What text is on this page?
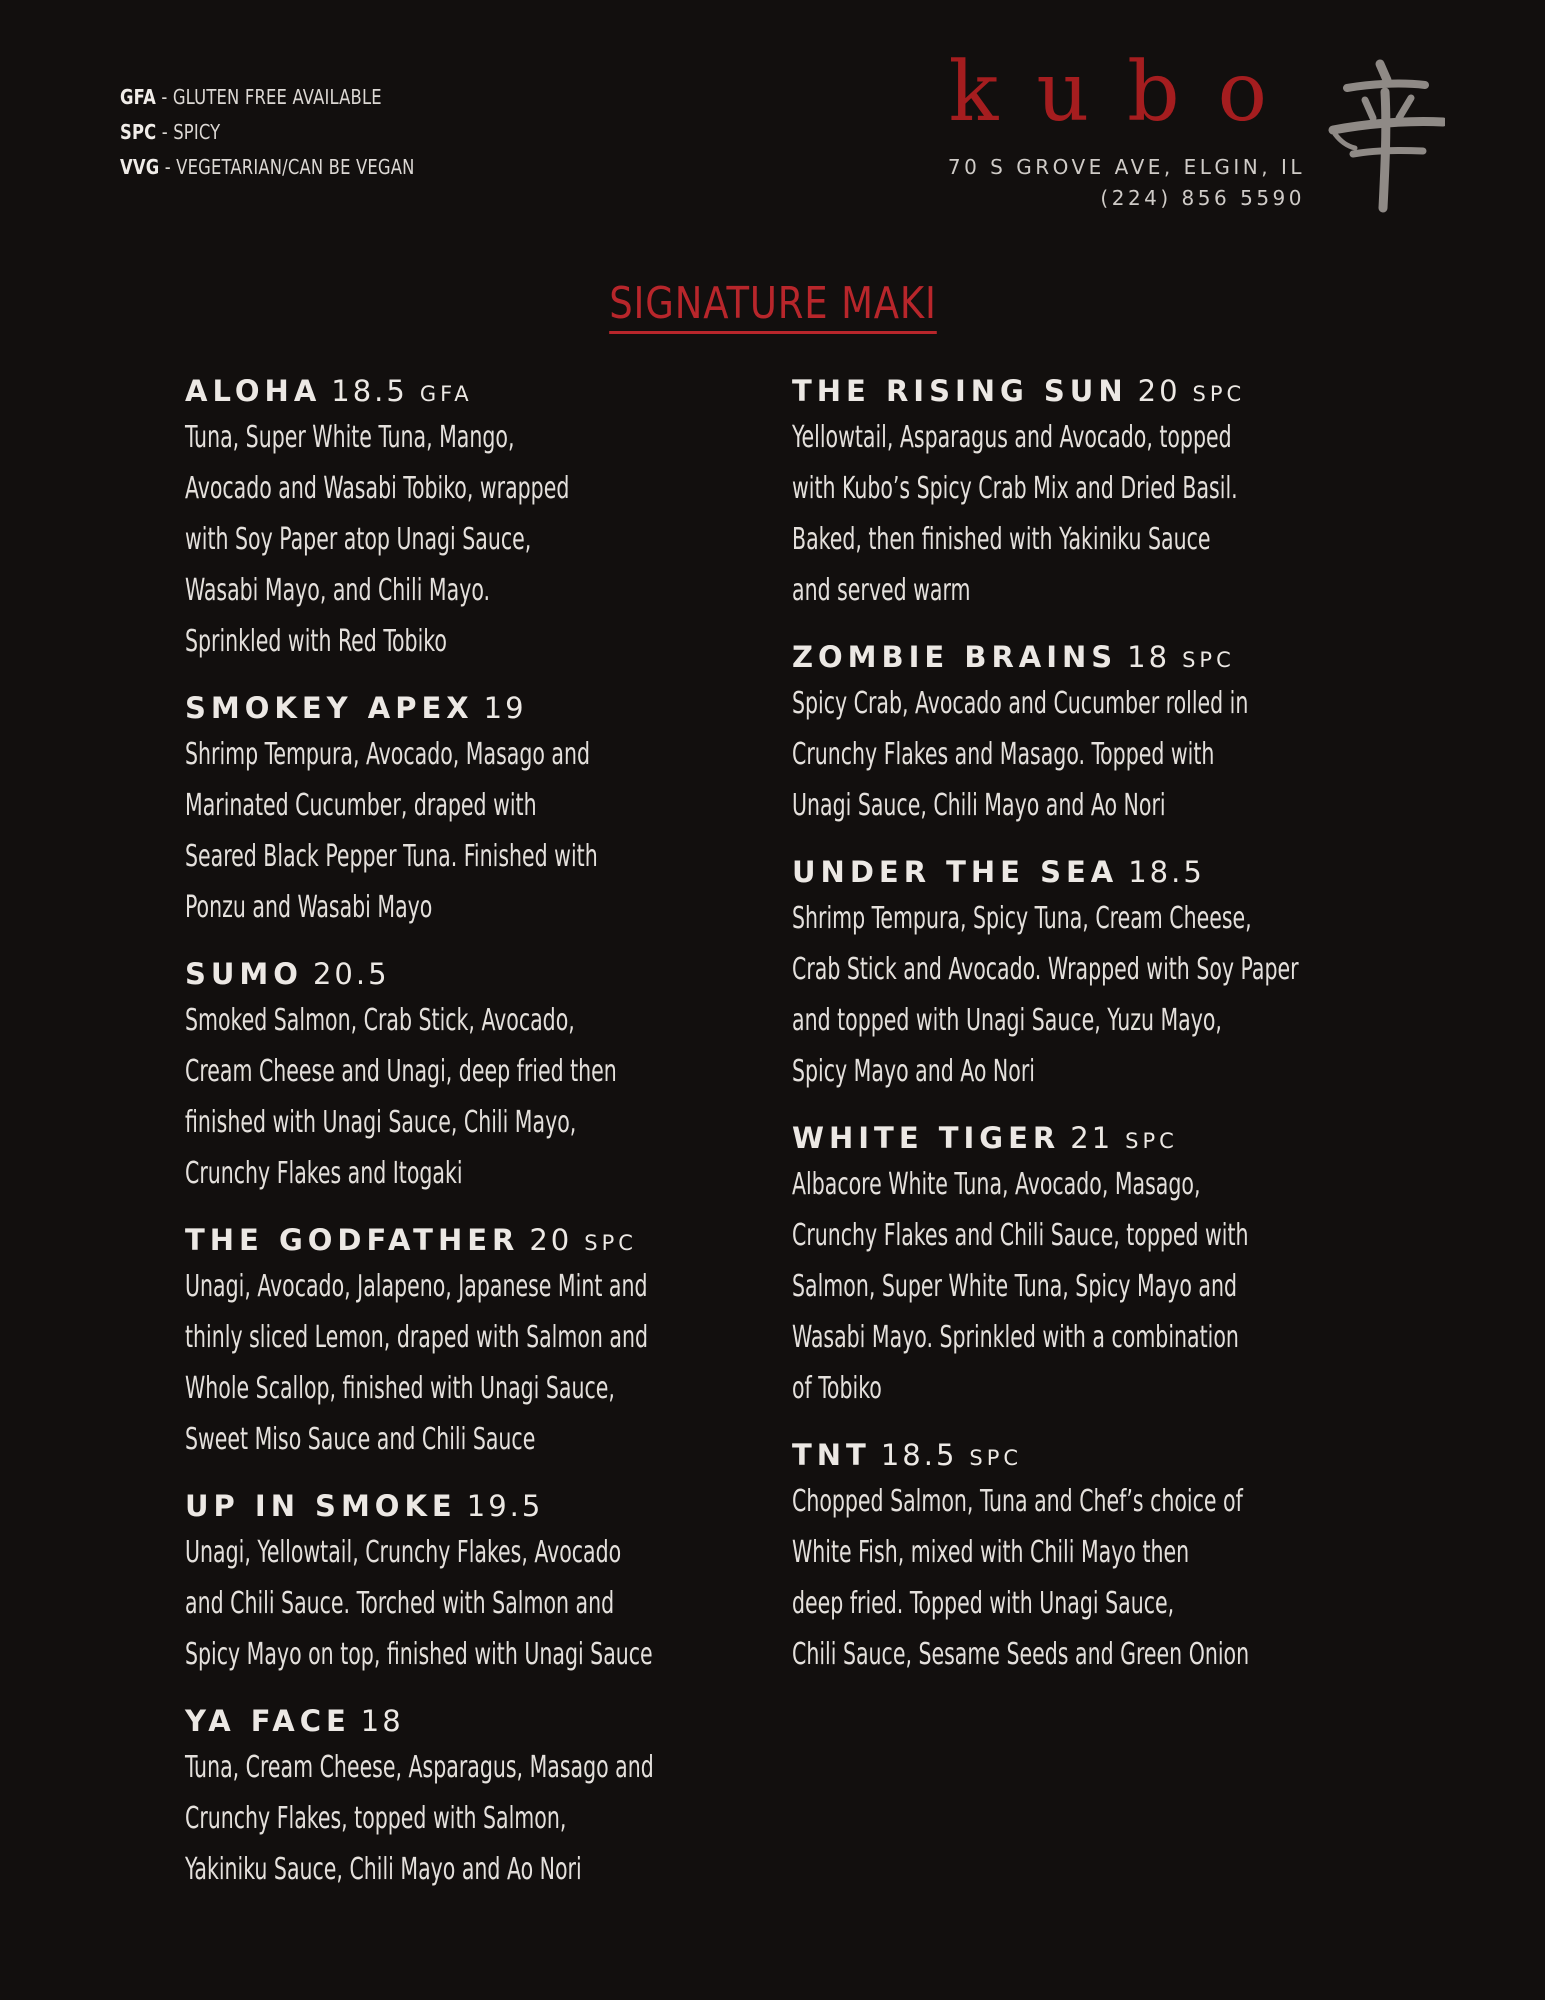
GFA - GLUTEN FREE AVAILABLE
SPC - SPICY
VVG - VEGETARIAN/CAN BE VEGAN
kubo
70 S GROVE AVE, ELGIN, IL
(224) 856 5590
SIGNATURE MAKI
ALOHA 18.5 GFA
Tuna, Super White Tuna, Mango,
Avocado and Wasabi Tobiko, wrapped
with Soy Paper atop Unagi Sauce,
Wasabi Mayo, and Chili Mayo.
Sprinkled with Red Tobiko
SMOKEY APEX 19
Shrimp Tempura, Avocado, Masago and
Marinated Cucumber, draped with
Seared Black Pepper Tuna. Finished with
Ponzu and Wasabi Mayo
SUMO 20.5
Smoked Salmon, Crab Stick, Avocado,
Cream Cheese and Unagi, deep fried then
finished with Unagi Sauce, Chili Mayo,
Crunchy Flakes and Itogaki
THE GODFATHER 20 SPC
Unagi, Avocado, Jalapeno, Japanese Mint and
thinly sliced Lemon, draped with Salmon and
Whole Scallop, finished with Unagi Sauce,
Sweet Miso Sauce and Chili Sauce
UP IN SMOKE 19.5
Unagi, Yellowtail, Crunchy Flakes, Avocado
and Chili Sauce. Torched with Salmon and
Spicy Mayo on top, finished with Unagi Sauce
YA FACE 18
Tuna, Cream Cheese, Asparagus, Masago and
Crunchy Flakes, topped with Salmon,
Yakiniku Sauce, Chili Mayo and Ao Nori
THE RISING SUN 20 SPC
Yellowtail, Asparagus and Avocado, topped
with Kubo’s Spicy Crab Mix and Dried Basil.
Baked, then finished with Yakiniku Sauce
and served warm
ZOMBIE BRAINS 18 SPC
Spicy Crab, Avocado and Cucumber rolled in
Crunchy Flakes and Masago. Topped with
Unagi Sauce, Chili Mayo and Ao Nori
UNDER THE SEA 18.5
Shrimp Tempura, Spicy Tuna, Cream Cheese,
Crab Stick and Avocado. Wrapped with Soy Paper
and topped with Unagi Sauce, Yuzu Mayo,
Spicy Mayo and Ao Nori
WHITE TIGER 21 SPC
Albacore White Tuna, Avocado, Masago,
Crunchy Flakes and Chili Sauce, topped with
Salmon, Super White Tuna, Spicy Mayo and
Wasabi Mayo. Sprinkled with a combination
of Tobiko
TNT 18.5 SPC
Chopped Salmon, Tuna and Chef’s choice of
White Fish, mixed with Chili Mayo then
deep fried. Topped with Unagi Sauce,
Chili Sauce, Sesame Seeds and Green Onion
